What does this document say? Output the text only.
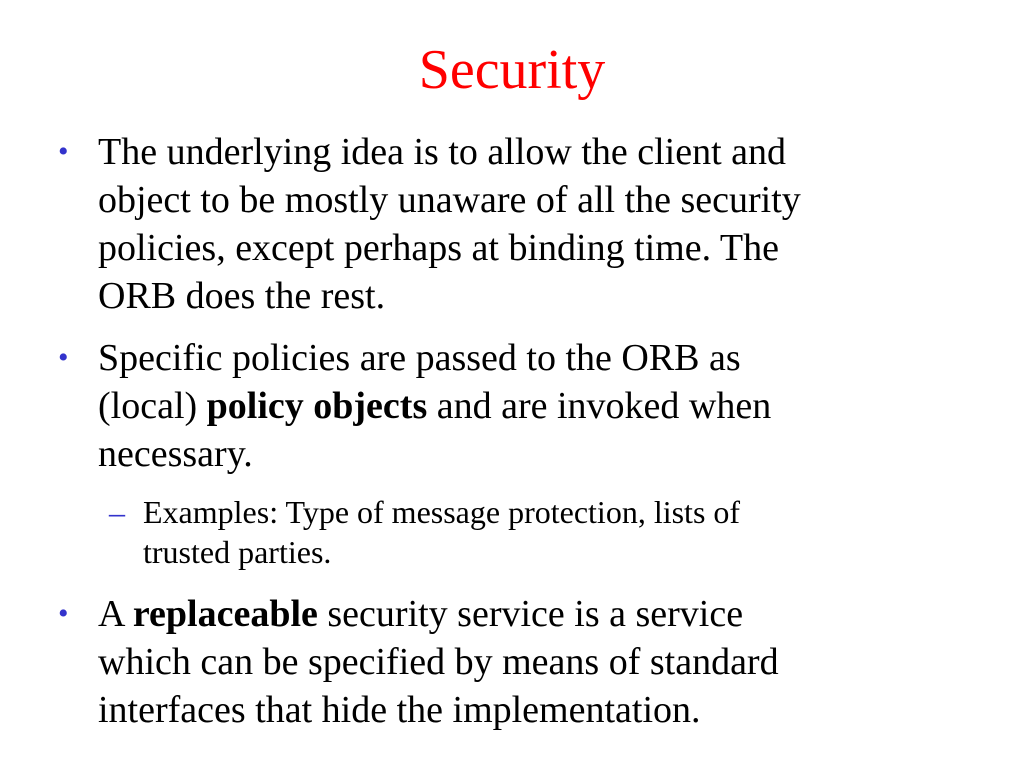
Security
• The underlying idea is to allow the client and
object to be mostly unaware of all the security
policies, except perhaps at binding time. The
ORB does the rest.
• Specific policies are passed to the ORB as
(local) policy objects and are invoked when
necessary.
– Examples: Type of message protection, lists of
trusted parties.
• A replaceable security service is a service
which can be specified by means of standard
interfaces that hide the implementation.
